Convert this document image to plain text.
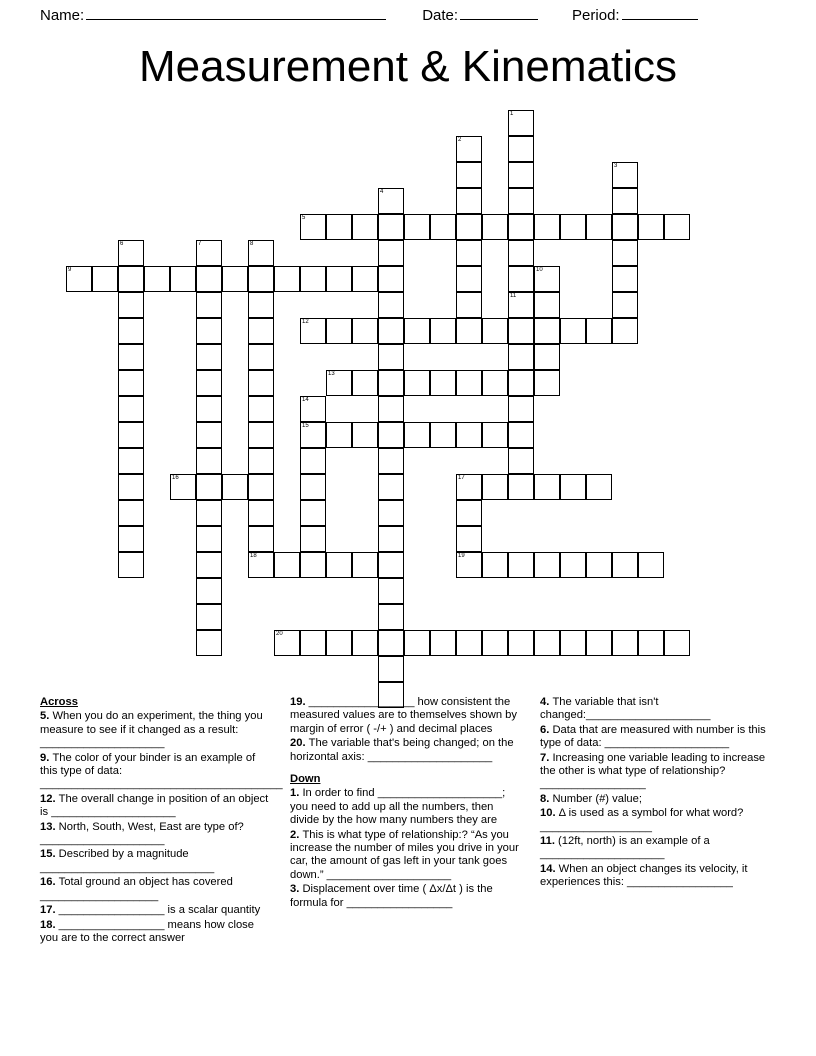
Name:	Date:	Period:
Measurement & Kinematics
1
2
3
4
5
6	7	8
9	10
11
12
13
14
15
16	17
18	19
20

Across

5. When you do an experiment, the thing you measure to see if it changed as a result: ____________________

9. The color of your binder is an example of this type of data: _______________________________________

12. The overall change in position of an object is ____________________

13. North, South, West, East are type of? ____________________

15. Described by a magnitude ____________________________

16. Total ground an object has covered ___________________

17. _________________ is a scalar quantity

18. _________________ means how close you are to the correct answer

19. _________________ how consistent the measured values are to themselves shown by margin of error ( -/+ ) and decimal places

20. The variable that's being changed; on the horizontal axis: ____________________

Down

1. In order to find ____________________; you need to add up all the numbers, then divide by the how many numbers they are

2. This is what type of relationship:? “As you increase the number of miles you drive in your car, the amount of gas left in your tank goes down.” ____________________

3. Displacement over time ( Δx/Δt ) is the formula for _________________

4. The variable that isn't changed:____________________

6. Data that are measured with number is this type of data: ____________________

7. Increasing one variable leading to increase the other is what type of relationship? _________________

8. Number (#) value;

10. Δ is used as a symbol for what word? __________________

11. (12ft, north) is an example of a ____________________

14. When an object changes its velocity, it experiences this: _________________
